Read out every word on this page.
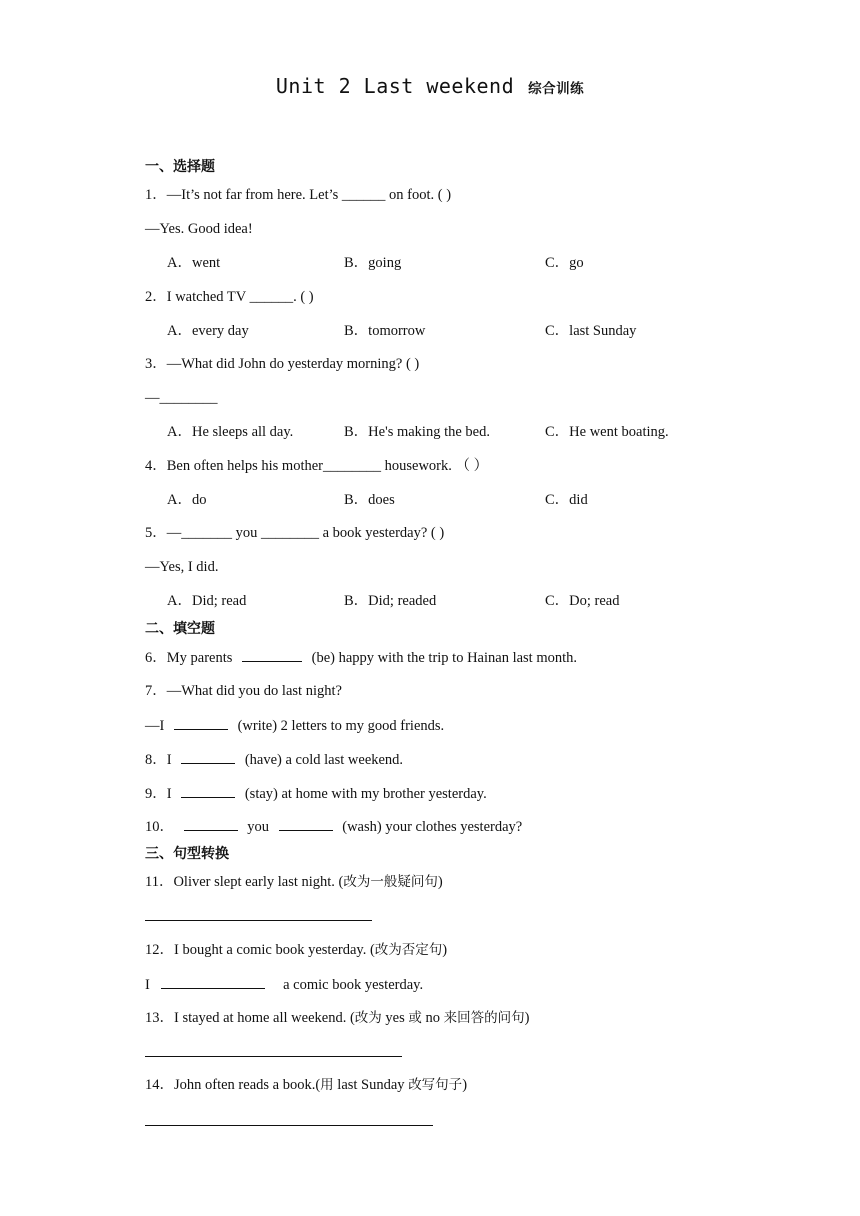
Unit 2 Last weekend 综合训练
一、选择题
1．—It’s not far from here. Let’s ______ on foot. ( )
—Yes. Good idea!
A．went	B．going	C．go
2．I watched TV ______. ( )
A．every day	B．tomorrow	C．last Sunday
3．—What did John do yesterday morning? ( )
—________
A．He sleeps all day.	B．He's making the bed.	C．He went boating.
4．Ben often helps his mother________ housework. （ ）
A．do	B．does	C．did
5．—_______ you ________ a book yesterday? ( )
—Yes, I did.
A．Did; read	B．Did; readed	C．Do; read
二、填空题
6．My parents	(be) happy with the trip to Hainan last month.
7．—What did you do last night?
—I	(write) 2 letters to my good friends.
8．I	(have) a cold last weekend.
9．I	(stay) at home with my brother yesterday.
10．	you	(wash) your clothes yesterday?
三、句型转换
11．Oliver slept early last night. (改为一般疑问句)
12．I bought a comic book yesterday. (改为否定句)
I	a comic book yesterday.
13．I stayed at home all weekend. (改为 yes 或 no 来回答的问句)
14．John often reads a book.(用 last Sunday 改写句子)
